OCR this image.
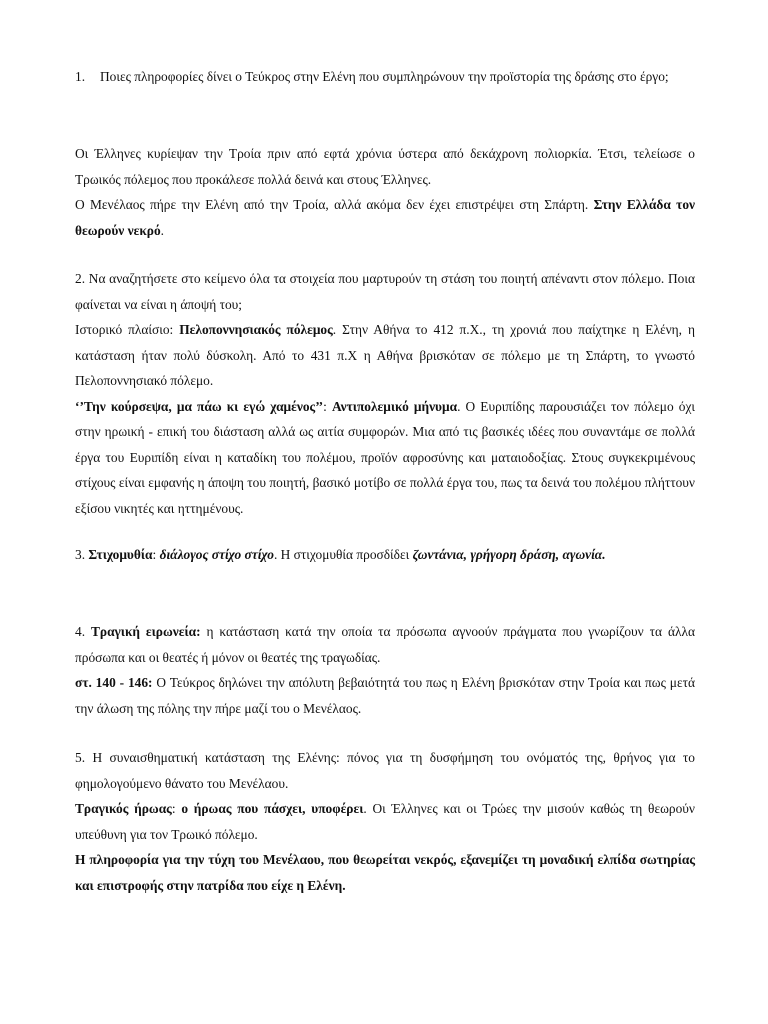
1.	Ποιες πληροφορίες δίνει ο Τεύκρος στην Ελένη που συμπληρώνουν την προϊστορία της δράσης στο έργο;

Οι Έλληνες κυρίεψαν την Τροία πριν από εφτά χρόνια ύστερα από δεκάχρονη πολιορκία. Έτσι, τελείωσε ο Τρωικός πόλεμος που προκάλεσε πολλά δεινά και στους Έλληνες.

Ο Μενέλαος πήρε την Ελένη από την Τροία, αλλά ακόμα δεν έχει επιστρέψει στη Σπάρτη. Στην Ελλάδα τον θεωρούν νεκρό.

2. Να αναζητήσετε στο κείμενο όλα τα στοιχεία που μαρτυρούν τη στάση του ποιητή απέναντι στον πόλεμο. Ποια φαίνεται να είναι η άποψή του;

Ιστορικό πλαίσιο: Πελοποννησιακός πόλεμος. Στην Αθήνα το 412 π.Χ., τη χρονιά που παίχτηκε η Ελένη, η κατάσταση ήταν πολύ δύσκολη. Από το 431 π.Χ η Αθήνα βρισκόταν σε πόλεμο με τη Σπάρτη, το γνωστό Πελοποννησιακό πόλεμο.

‘’Την κούρσεψα, μα πάω κι εγώ χαμένος’’: Αντιπολεμικό μήνυμα. Ο Ευριπίδης παρουσιάζει τον πόλεμο όχι στην ηρωική - επική του διάσταση αλλά ως αιτία συμφορών. Μια από τις βασικές ιδέες που συναντάμε σε πολλά έργα του Ευριπίδη είναι η καταδίκη του πολέμου, προϊόν αφροσύνης και ματαιοδοξίας. Στους συγκεκριμένους στίχους είναι εμφανής η άποψη του ποιητή, βασικό μοτίβο σε πολλά έργα του, πως τα δεινά του πολέμου πλήττουν εξίσου νικητές και ηττημένους.

3. Στιχομυθία: διάλογος στίχο στίχο. Η στιχομυθία προσδίδει ζωντάνια, γρήγορη δράση, αγωνία.

4. Τραγική ειρωνεία: η κατάσταση κατά την οποία τα πρόσωπα αγνοούν πράγματα που γνωρίζουν τα άλλα πρόσωπα και οι θεατές ή μόνον οι θεατές της τραγωδίας.

στ. 140 - 146: Ο Τεύκρος δηλώνει την απόλυτη βεβαιότητά του πως η Ελένη βρισκόταν στην Τροία και πως μετά την άλωση της πόλης την πήρε μαζί του ο Μενέλαος.

5. Η συναισθηματική κατάσταση της Ελένης: πόνος για τη δυσφήμηση του ονόματός της, θρήνος για το φημολογούμενο θάνατο του Μενέλαου.

Τραγικός ήρωας: ο ήρωας που πάσχει, υποφέρει. Οι Έλληνες και οι Τρώες την μισούν καθώς τη θεωρούν υπεύθυνη για τον Τρωικό πόλεμο.

Η πληροφορία για την τύχη του Μενέλαου, που θεωρείται νεκρός, εξανεμίζει τη μοναδική ελπίδα σωτηρίας και επιστροφής στην πατρίδα που είχε η Ελένη.
